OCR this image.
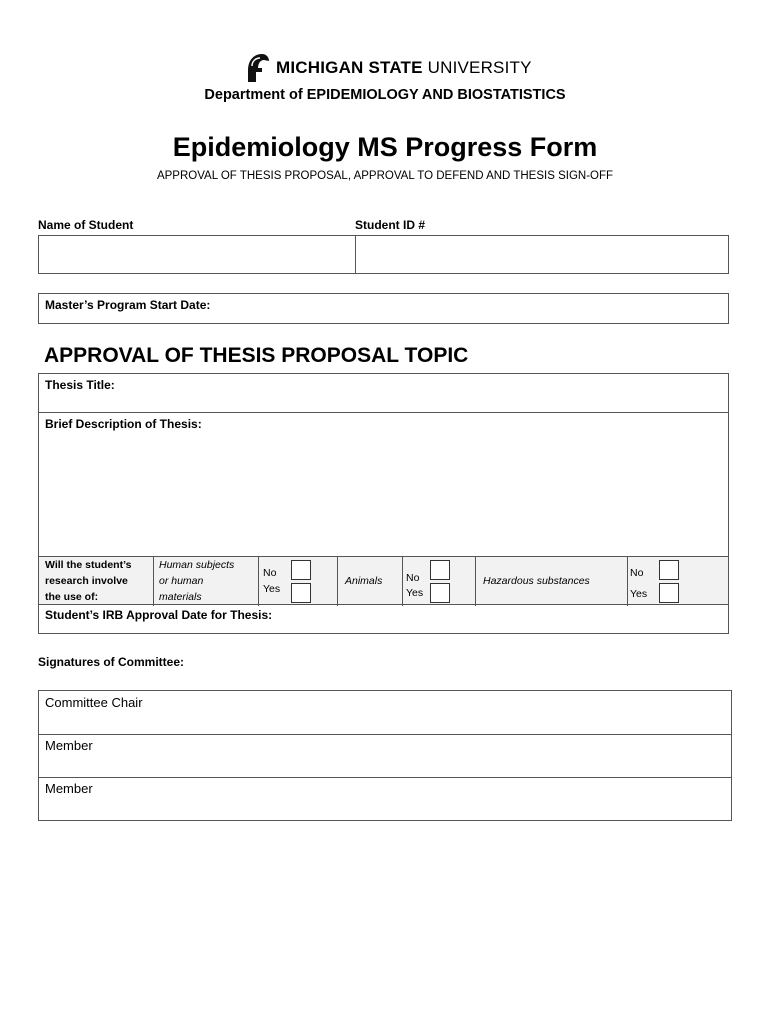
MICHIGAN STATE UNIVERSITY
Department of EPIDEMIOLOGY AND BIOSTATISTICS
Epidemiology MS Progress Form
APPROVAL OF THESIS PROPOSAL, APPROVAL TO DEFEND AND THESIS SIGN-OFF
Name of Student	Student ID #
Master’s Program Start Date:
APPROVAL OF THESIS PROPOSAL TOPIC
Thesis Title:
Brief Description of Thesis:
Will the student’s
research involve
the use of:
Human subjects
or human
materials
No
Yes
Animals No
Yes
Hazardous substances
No
Yes
Student’s IRB Approval Date for Thesis:
Signatures of Committee:
Committee Chair
Member
Member
